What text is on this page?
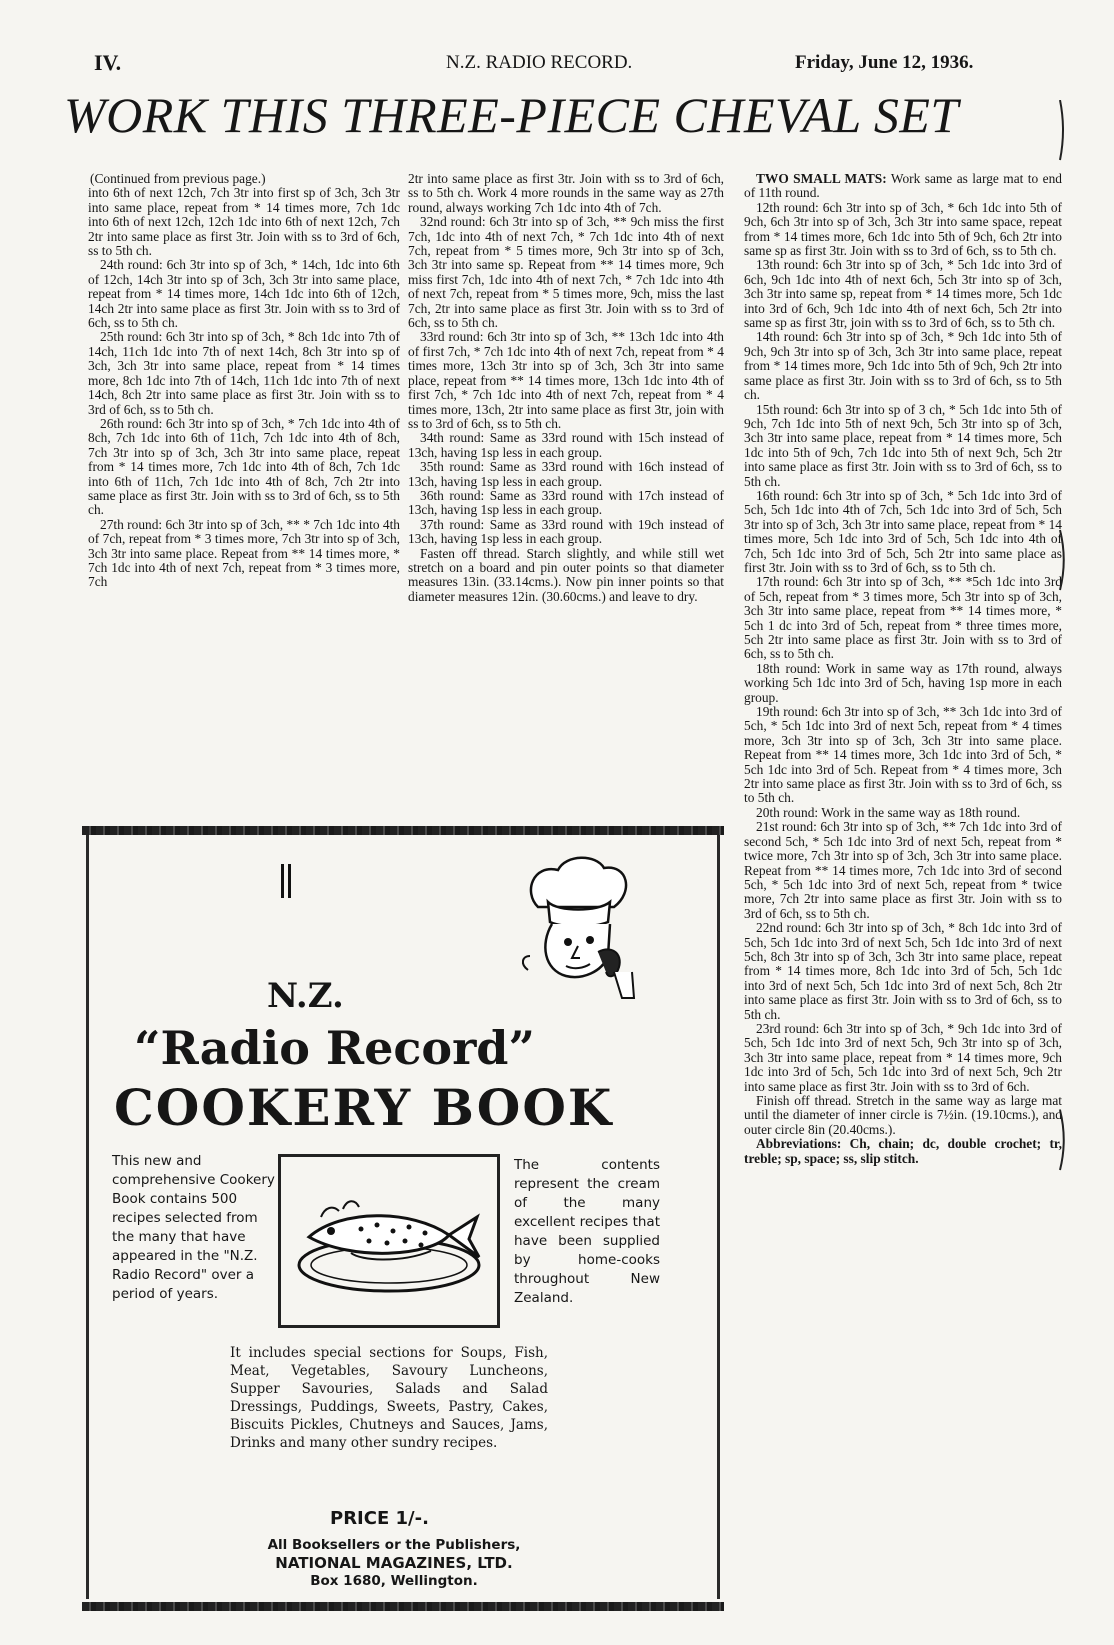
IV.	N.Z. RADIO RECORD.	Friday, June 12, 1936.
WORK THIS THREE-PIECE CHEVAL SET

(Continued from previous page.)

into 6th of next 12ch, 7ch 3tr into first sp of 3ch, 3ch 3tr into same place, repeat from * 14 times more, 7ch 1dc into 6th of next 12ch, 12ch 1dc into 6th of next 12ch, 7ch 2tr into same place as first 3tr. Join with ss to 3rd of 6ch, ss to 5th ch.

24th round: 6ch 3tr into sp of 3ch, * 14ch, 1dc into 6th of 12ch, 14ch 3tr into sp of 3ch, 3ch 3tr into same place, repeat from * 14 times more, 14ch 1dc into 6th of 12ch, 14ch 2tr into same place as first 3tr. Join with ss to 3rd of 6ch, ss to 5th ch.

25th round: 6ch 3tr into sp of 3ch, * 8ch 1dc into 7th of 14ch, 11ch 1dc into 7th of next 14ch, 8ch 3tr into sp of 3ch, 3ch 3tr into same place, repeat from * 14 times more, 8ch 1dc into 7th of 14ch, 11ch 1dc into 7th of next 14ch, 8ch 2tr into same place as first 3tr. Join with ss to 3rd of 6ch, ss to 5th ch.

26th round: 6ch 3tr into sp of 3ch, * 7ch 1dc into 4th of 8ch, 7ch 1dc into 6th of 11ch, 7ch 1dc into 4th of 8ch, 7ch 3tr into sp of 3ch, 3ch 3tr into same place, repeat from * 14 times more, 7ch 1dc into 4th of 8ch, 7ch 1dc into 6th of 11ch, 7ch 1dc into 4th of 8ch, 7ch 2tr into same place as first 3tr. Join with ss to 3rd of 6ch, ss to 5th ch.

27th round: 6ch 3tr into sp of 3ch, ** * 7ch 1dc into 4th of 7ch, repeat from * 3 times more, 7ch 3tr into sp of 3ch, 3ch 3tr into same place. Repeat from ** 14 times more, * 7ch 1dc into 4th of next 7ch, repeat from * 3 times more, 7ch

2tr into same place as first 3tr. Join with ss to 3rd of 6ch, ss to 5th ch. Work 4 more rounds in the same way as 27th round, always working 7ch 1dc into 4th of 7ch.

32nd round: 6ch 3tr into sp of 3ch, ** 9ch miss the first 7ch, 1dc into 4th of next 7ch, * 7ch 1dc into 4th of next 7ch, repeat from * 5 times more, 9ch 3tr into sp of 3ch, 3ch 3tr into same sp. Repeat from ** 14 times more, 9ch miss first 7ch, 1dc into 4th of next 7ch, * 7ch 1dc into 4th of next 7ch, repeat from * 5 times more, 9ch, miss the last 7ch, 2tr into same place as first 3tr. Join with ss to 3rd of 6ch, ss to 5th ch.

33rd round: 6ch 3tr into sp of 3ch, ** 13ch 1dc into 4th of first 7ch, * 7ch 1dc into 4th of next 7ch, repeat from * 4 times more, 13ch 3tr into sp of 3ch, 3ch 3tr into same place, repeat from ** 14 times more, 13ch 1dc into 4th of first 7ch, * 7ch 1dc into 4th of next 7ch, repeat from * 4 times more, 13ch, 2tr into same place as first 3tr, join with ss to 3rd of 6ch, ss to 5th ch.

34th round: Same as 33rd round with 15ch instead of 13ch, having 1sp less in each group.

35th round: Same as 33rd round with 16ch instead of 13ch, having 1sp less in each group.

36th round: Same as 33rd round with 17ch instead of 13ch, having 1sp less in each group.

37th round: Same as 33rd round with 19ch instead of 13ch, having 1sp less in each group.

Fasten off thread. Starch slightly, and while still wet stretch on a board and pin outer points so that diameter measures 13in. (33.14cms.). Now pin inner points so that diameter measures 12in. (30.60cms.) and leave to dry.

TWO SMALL MATS: Work same as large mat to end of 11th round.

12th round: 6ch 3tr into sp of 3ch, * 6ch 1dc into 5th of 9ch, 6ch 3tr into sp of 3ch, 3ch 3tr into same space, repeat from * 14 times more, 6ch 1dc into 5th of 9ch, 6ch 2tr into same sp as first 3tr. Join with ss to 3rd of 6ch, ss to 5th ch.

13th round: 6ch 3tr into sp of 3ch, * 5ch 1dc into 3rd of 6ch, 9ch 1dc into 4th of next 6ch, 5ch 3tr into sp of 3ch, 3ch 3tr into same sp, repeat from * 14 times more, 5ch 1dc into 3rd of 6ch, 9ch 1dc into 4th of next 6ch, 5ch 2tr into same sp as first 3tr, join with ss to 3rd of 6ch, ss to 5th ch.

14th round: 6ch 3tr into sp of 3ch, * 9ch 1dc into 5th of 9ch, 9ch 3tr into sp of 3ch, 3ch 3tr into same place, repeat from * 14 times more, 9ch 1dc into 5th of 9ch, 9ch 2tr into same place as first 3tr. Join with ss to 3rd of 6ch, ss to 5th ch.

15th round: 6ch 3tr into sp of 3 ch, * 5ch 1dc into 5th of 9ch, 7ch 1dc into 5th of next 9ch, 5ch 3tr into sp of 3ch, 3ch 3tr into same place, repeat from * 14 times more, 5ch 1dc into 5th of 9ch, 7ch 1dc into 5th of next 9ch, 5ch 2tr into same place as first 3tr. Join with ss to 3rd of 6ch, ss to 5th ch.

16th round: 6ch 3tr into sp of 3ch, * 5ch 1dc into 3rd of 5ch, 5ch 1dc into 4th of 7ch, 5ch 1dc into 3rd of 5ch, 5ch 3tr into sp of 3ch, 3ch 3tr into same place, repeat from * 14 times more, 5ch 1dc into 3rd of 5ch, 5ch 1dc into 4th of 7ch, 5ch 1dc into 3rd of 5ch, 5ch 2tr into same place as first 3tr. Join with ss to 3rd of 6ch, ss to 5th ch.

17th round: 6ch 3tr into sp of 3ch, ** *5ch 1dc into 3rd of 5ch, repeat from * 3 times more, 5ch 3tr into sp of 3ch, 3ch 3tr into same place, repeat from ** 14 times more, * 5ch 1 dc into 3rd of 5ch, repeat from * three times more, 5ch 2tr into same place as first 3tr. Join with ss to 3rd of 6ch, ss to 5th ch.

18th round: Work in same way as 17th round, always working 5ch 1dc into 3rd of 5ch, having 1sp more in each group.

19th round: 6ch 3tr into sp of 3ch, ** 3ch 1dc into 3rd of 5ch, * 5ch 1dc into 3rd of next 5ch, repeat from * 4 times more, 3ch 3tr into sp of 3ch, 3ch 3tr into same place. Repeat from ** 14 times more, 3ch 1dc into 3rd of 5ch, * 5ch 1dc into 3rd of 5ch. Repeat from * 4 times more, 3ch 2tr into same place as first 3tr. Join with ss to 3rd of 6ch, ss to 5th ch.

20th round: Work in the same way as 18th round.

21st round: 6ch 3tr into sp of 3ch, ** 7ch 1dc into 3rd of second 5ch, * 5ch 1dc into 3rd of next 5ch, repeat from * twice more, 7ch 3tr into sp of 3ch, 3ch 3tr into same place. Repeat from ** 14 times more, 7ch 1dc into 3rd of second 5ch, * 5ch 1dc into 3rd of next 5ch, repeat from * twice more, 7ch 2tr into same place as first 3tr. Join with ss to 3rd of 6ch, ss to 5th ch.

22nd round: 6ch 3tr into sp of 3ch, * 8ch 1dc into 3rd of 5ch, 5ch 1dc into 3rd of next 5ch, 5ch 1dc into 3rd of next 5ch, 8ch 3tr into sp of 3ch, 3ch 3tr into same place, repeat from * 14 times more, 8ch 1dc into 3rd of 5ch, 5ch 1dc into 3rd of next 5ch, 5ch 1dc into 3rd of next 5ch, 8ch 2tr into same place as first 3tr. Join with ss to 3rd of 6ch, ss to 5th ch.

23rd round: 6ch 3tr into sp of 3ch, * 9ch 1dc into 3rd of 5ch, 5ch 1dc into 3rd of next 5ch, 9ch 3tr into sp of 3ch, 3ch 3tr into same place, repeat from * 14 times more, 9ch 1dc into 3rd of 5ch, 5ch 1dc into 3rd of next 5ch, 9ch 2tr into same place as first 3tr. Join with ss to 3rd of 6ch.

Finish off thread. Stretch in the same way as large mat until the diameter of inner circle is 7½in. (19.10cms.), and outer circle 8in (20.40cms.).

Abbreviations: Ch, chain; dc, double crochet; tr, treble; sp, space; ss, slip stitch.

N.Z.
“Radio Record”
COOKERY BOOK
This new and comprehensive Cookery Book contains 500 recipes selected from the many that have appeared in the "N.Z. Radio Record" over a period of years.
The contents represent the cream of the many excellent recipes that have been supplied by home-cooks throughout New Zealand.
It includes special sections for Soups, Fish, Meat, Vegetables, Savoury Luncheons, Supper Savouries, Salads and Salad Dressings, Puddings, Sweets, Pastry, Cakes, Biscuits Pickles, Chutneys and Sauces, Jams, Drinks and many other sundry recipes.
PRICE 1/-.
All Booksellers or the Publishers,
NATIONAL MAGAZINES, LTD.
Box 1680, Wellington.
